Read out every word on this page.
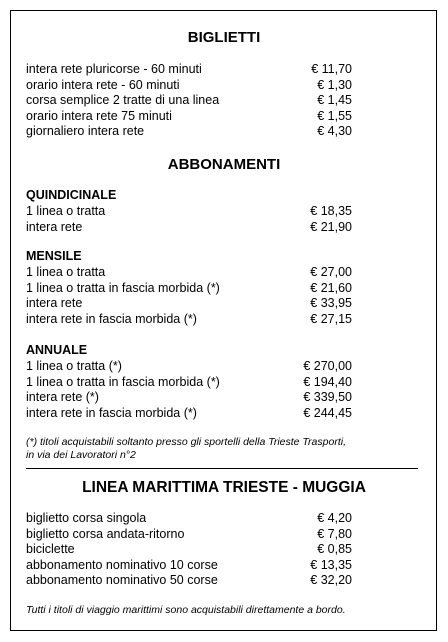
BIGLIETTI
intera rete pluricorse - 60 minuti	€ 11,70
orario intera rete - 60 minuti	€ 1,30
corsa semplice 2 tratte di una linea	€ 1,45
orario intera rete 75 minuti	€ 1,55
giornaliero intera rete	€ 4,30
ABBONAMENTI
QUINDICINALE
1 linea o tratta	€ 18,35
intera rete	€ 21,90
MENSILE
1 linea o tratta	€ 27,00
1 linea o tratta in fascia morbida (*)	€ 21,60
intera rete	€ 33,95
intera rete in fascia morbida (*)	€ 27,15
ANNUALE
1 linea o tratta (*)	€ 270,00
1 linea o tratta in fascia morbida (*)	€ 194,40
intera rete (*)	€ 339,50
intera rete in fascia morbida (*)	€ 244,45
(*) titoli acquistabili soltanto presso gli sportelli della Trieste Trasporti,
in via dei Lavoratori n°2
LINEA MARITTIMA TRIESTE - MUGGIA
biglietto corsa singola	€ 4,20
biglietto corsa andata-ritorno	€ 7,80
biciclette	€ 0,85
abbonamento nominativo 10 corse	€ 13,35
abbonamento nominativo 50 corse	€ 32,20
Tutti i titoli di viaggio marittimi sono acquistabili direttamente a bordo.
